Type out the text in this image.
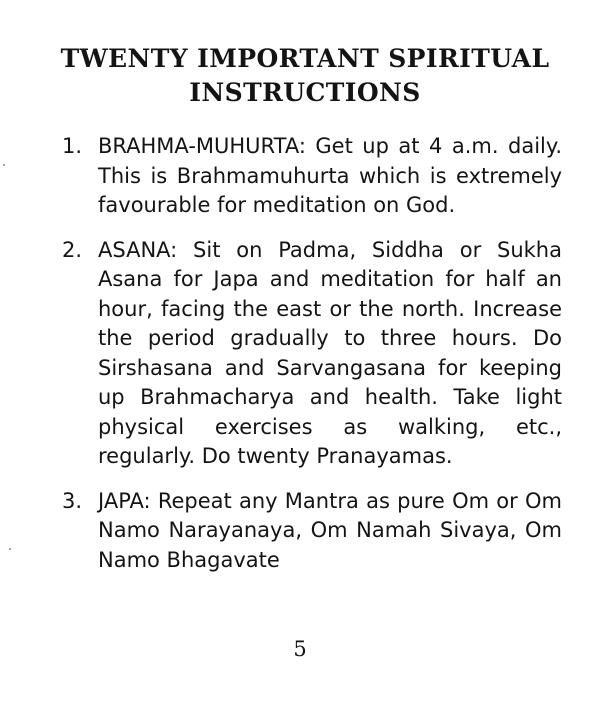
TWENTY IMPORTANT SPIRITUAL
INSTRUCTIONS
1. BRAHMA-MUHURTA: Get up at 4 a.m. daily. This is Brahmamuhurta which is extremely favourable for meditation on God.
2. ASANA: Sit on Padma, Siddha or Sukha Asana for Japa and meditation for half an hour, facing the east or the north. Increase the period gradually to three hours. Do Sirshasana and Sarvangasana for keeping up Brahmacharya and health. Take light physical exercises as walking, etc., regularly. Do twenty Pranayamas.
3. JAPA: Repeat any Mantra as pure Om or Om Namo Narayanaya, Om Namah Sivaya, Om Namo Bhagavate
5
